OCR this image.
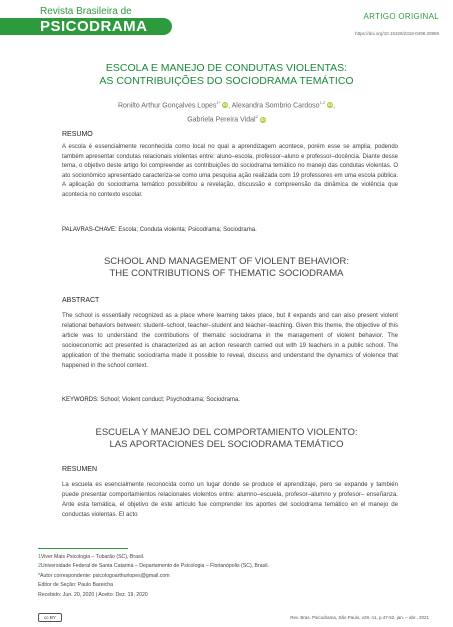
Revista Brasileira de
PSICODRAMA
ARTIGO ORIGINAL
https://doi.org/10.15329/2318-0498.20959
ESCOLA E MANEJO DE CONDUTAS VIOLENTAS:
AS CONTRIBUIÇÕES DO SOCIODRAMA TEMÁTICO
Ronilto Arthur Gonçalves Lopes$^{1*}$ iD, Alexandra Sombrio Cardoso$^{1,2}$ iD,
Gabriela Pereira Vidal$^2$ iD
RESUMO
A escola é essencialmente reconhecida como local no qual a aprendizagem acontece, porém esse se amplia, podendo também apresentar condutas relacionais violentas entre: aluno–escola, professor–aluno e professor–docência. Diante desse tema, o objetivo deste artigo foi compreender as contribuições do sociodrama temático no manejo das condutas violentas. O ato socionômico apresentado caracteriza-se como uma pesquisa ação realizada com 19 professores em uma escola pública. A aplicação do sociodrama temático possibilitou a revelação, discussão e compreensão da dinâmica de violência que acontecia no contexto escolar.
PALAVRAS-CHAVE: Escola; Conduta violenta; Psicodrama; Sociodrama.
SCHOOL AND MANAGEMENT OF VIOLENT BEHAVIOR:
THE CONTRIBUTIONS OF THEMATIC SOCIODRAMA
ABSTRACT
The school is essentially recognized as a place where learning takes place, but it expands and can also present violent relational behaviors between: student–school, teacher–student and teacher–teaching. Given this theme, the objective of this article was to understand the contributions of thematic sociodrama in the management of violent behavior. The socioeconomic act presented is characterized as an action research carried out with 19 teachers in a public school. The application of the thematic sociodrama made it possible to reveal, discuss and understand the dynamics of violence that happened in the school context.
KEYWORDS: School; Violent conduct; Psychodrama; Sociodrama.
ESCUELA Y MANEJO DEL COMPORTAMIENTO VIOLENTO:
LAS APORTACIONES DEL SOCIODRAMA TEMÁTICO
RESUMEN
La escuela es esencialmente reconocida como un lugar donde se produce el aprendizaje, pero se expande y también puede presentar comportamientos relacionales violentos entre: alumno–escuela, profesor–alumno y profesor– enseñanza. Ante esta temática, el objetivo de este artículo fue comprender los aportes del sociodrama temático en el manejo de conductas violentas. El acto
1Viver Mais Psicologia – Tubarão (SC), Brasil.
2Universidade Federal de Santa Catarina – Departamento de Psicologia – Florianópolis (SC), Brasil.
*Autor correspondente: psicologoarthurlopes@gmail.com
Editor de Seção: Paulo Bareicha
Recebido: Jun. 20, 2020 | Aceito: Dez. 19, 2020
cc BY	Rev. Bras. Psicodrama, São Paulo, v29, n1, p.47-52, jan. – abr., 2021
